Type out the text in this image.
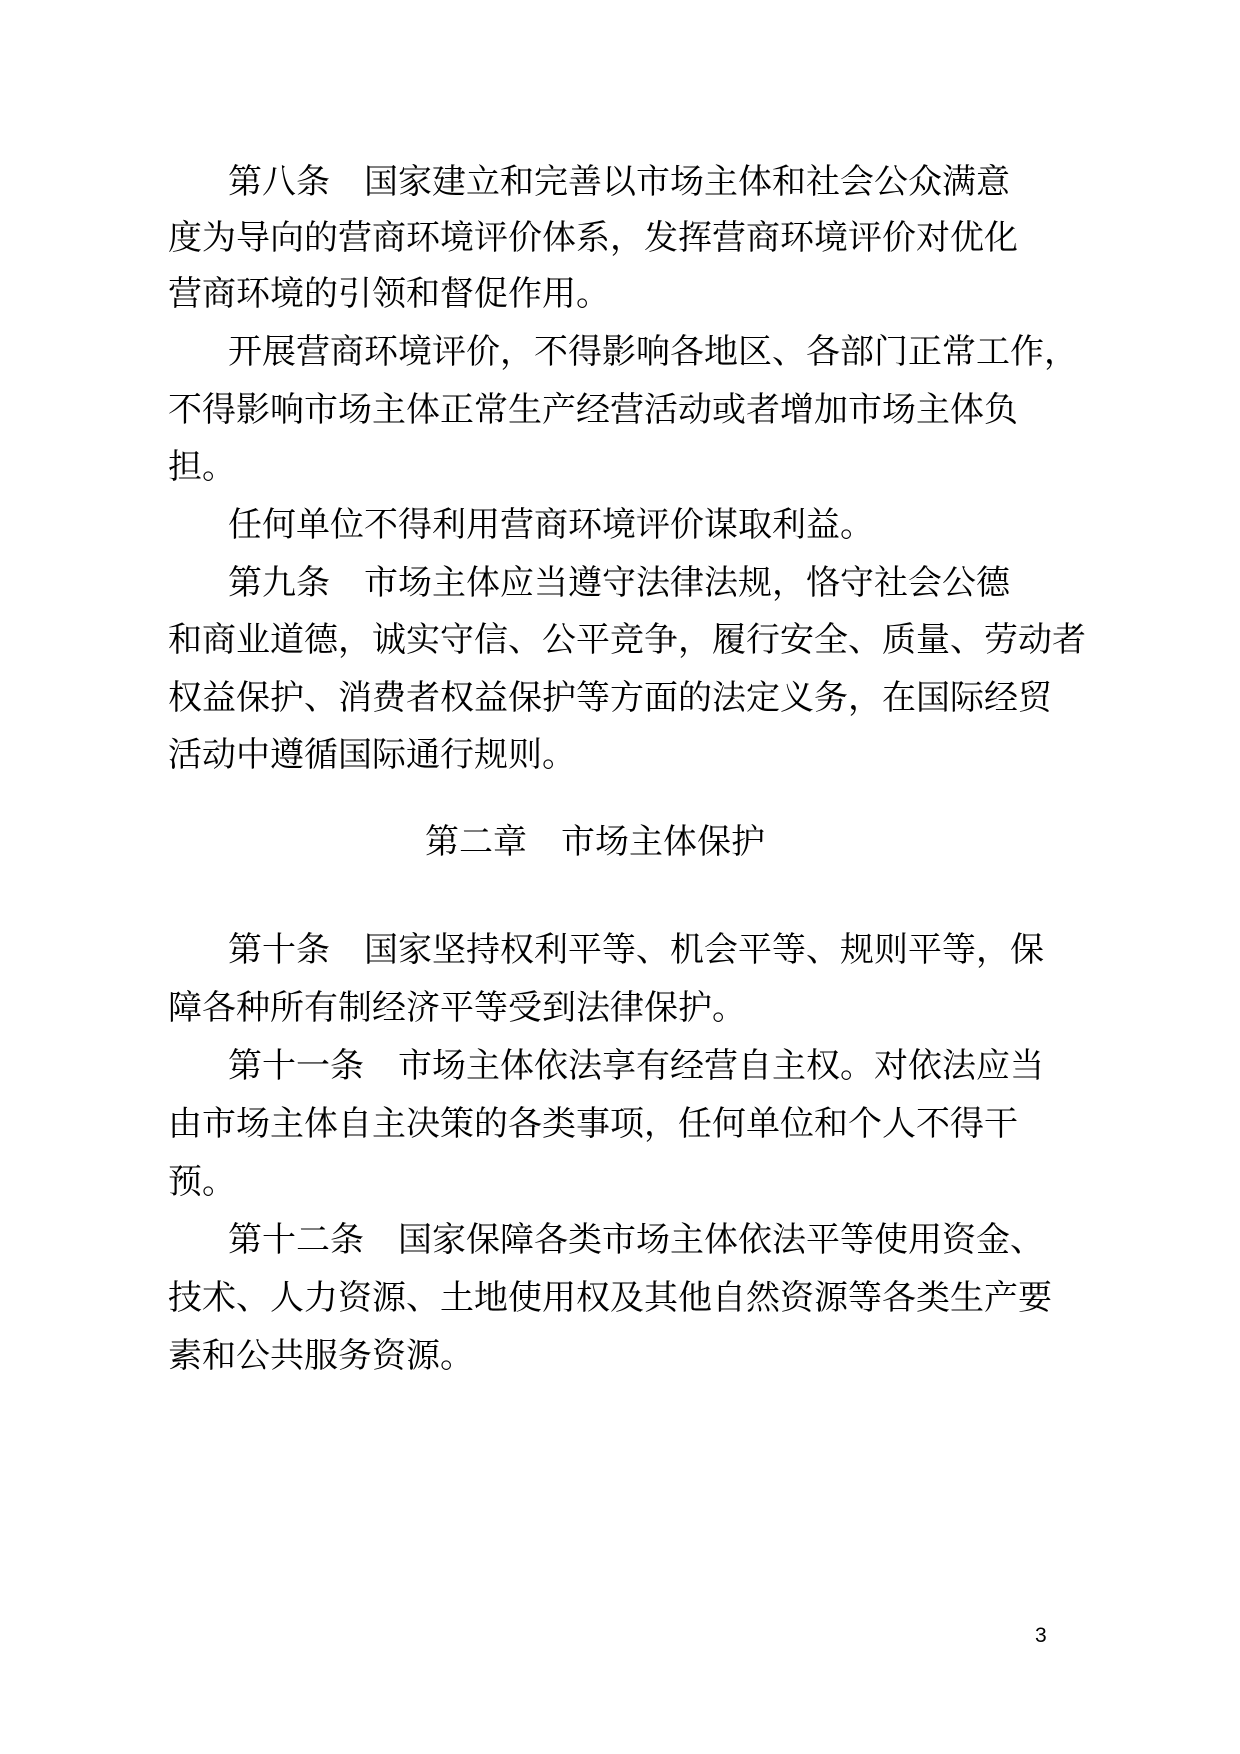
第八条　国家建立和完善以市场主体和社会公众满意
度为导向的营商环境评价体系，发挥营商环境评价对优化
营商环境的引领和督促作用。
开展营商环境评价，不得影响各地区、各部门正常工作，
不得影响市场主体正常生产经营活动或者增加市场主体负
担。
任何单位不得利用营商环境评价谋取利益。
第九条　市场主体应当遵守法律法规，恪守社会公德
和商业道德，诚实守信、公平竞争，履行安全、质量、劳动者
权益保护、消费者权益保护等方面的法定义务，在国际经贸
活动中遵循国际通行规则。
第二章　市场主体保护
第十条　国家坚持权利平等、机会平等、规则平等，保
障各种所有制经济平等受到法律保护。
第十一条　市场主体依法享有经营自主权。对依法应当
由市场主体自主决策的各类事项，任何单位和个人不得干
预。
第十二条　国家保障各类市场主体依法平等使用资金、
技术、人力资源、土地使用权及其他自然资源等各类生产要
素和公共服务资源。
3
